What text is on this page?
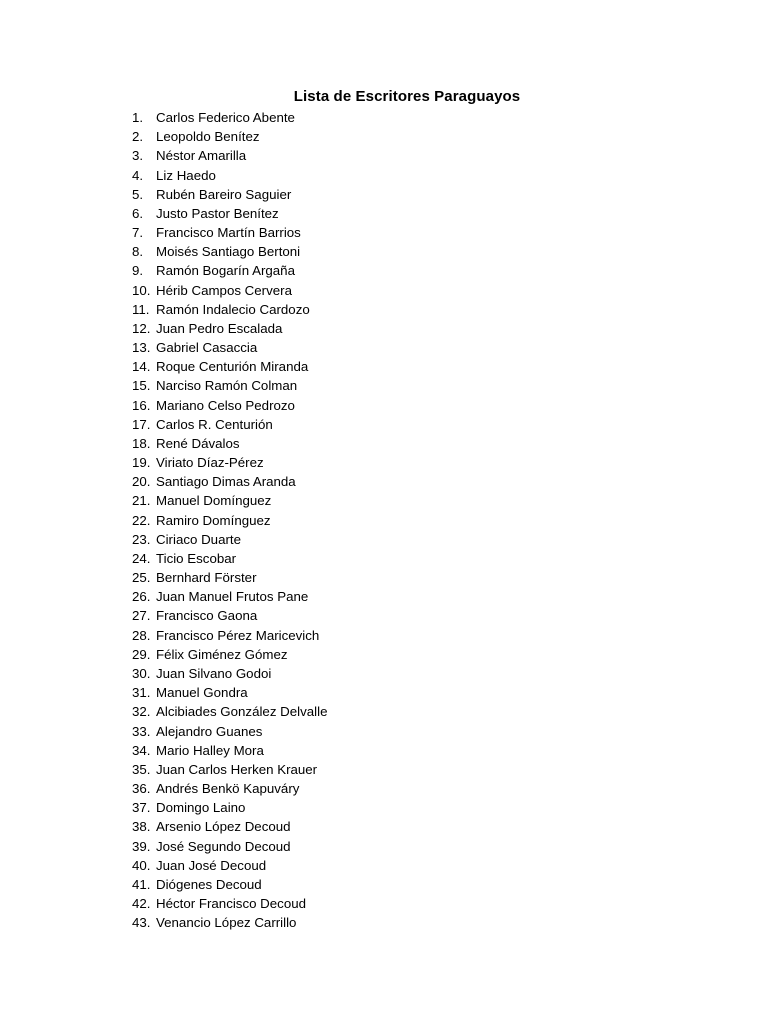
Lista de Escritores Paraguayos
1. Carlos Federico Abente
2. Leopoldo Benítez
3. Néstor Amarilla
4. Liz Haedo
5. Rubén Bareiro Saguier
6. Justo Pastor Benítez
7. Francisco Martín Barrios
8. Moisés Santiago Bertoni
9. Ramón Bogarín Argaña
10. Hérib Campos Cervera
11. Ramón Indalecio Cardozo
12. Juan Pedro Escalada
13. Gabriel Casaccia
14. Roque Centurión Miranda
15. Narciso Ramón Colman
16. Mariano Celso Pedrozo
17. Carlos R. Centurión
18. René Dávalos
19. Viriato Díaz-Pérez
20. Santiago Dimas Aranda
21. Manuel Domínguez
22. Ramiro Domínguez
23. Ciriaco Duarte
24. Ticio Escobar
25. Bernhard Förster
26. Juan Manuel Frutos Pane
27. Francisco Gaona
28. Francisco Pérez Maricevich
29. Félix Giménez Gómez
30. Juan Silvano Godoi
31. Manuel Gondra
32. Alcibiades González Delvalle
33. Alejandro Guanes
34. Mario Halley Mora
35. Juan Carlos Herken Krauer
36. Andrés Benkö Kapuváry
37. Domingo Laino
38. Arsenio López Decoud
39. José Segundo Decoud
40. Juan José Decoud
41. Diógenes Decoud
42. Héctor Francisco Decoud
43. Venancio López Carrillo
